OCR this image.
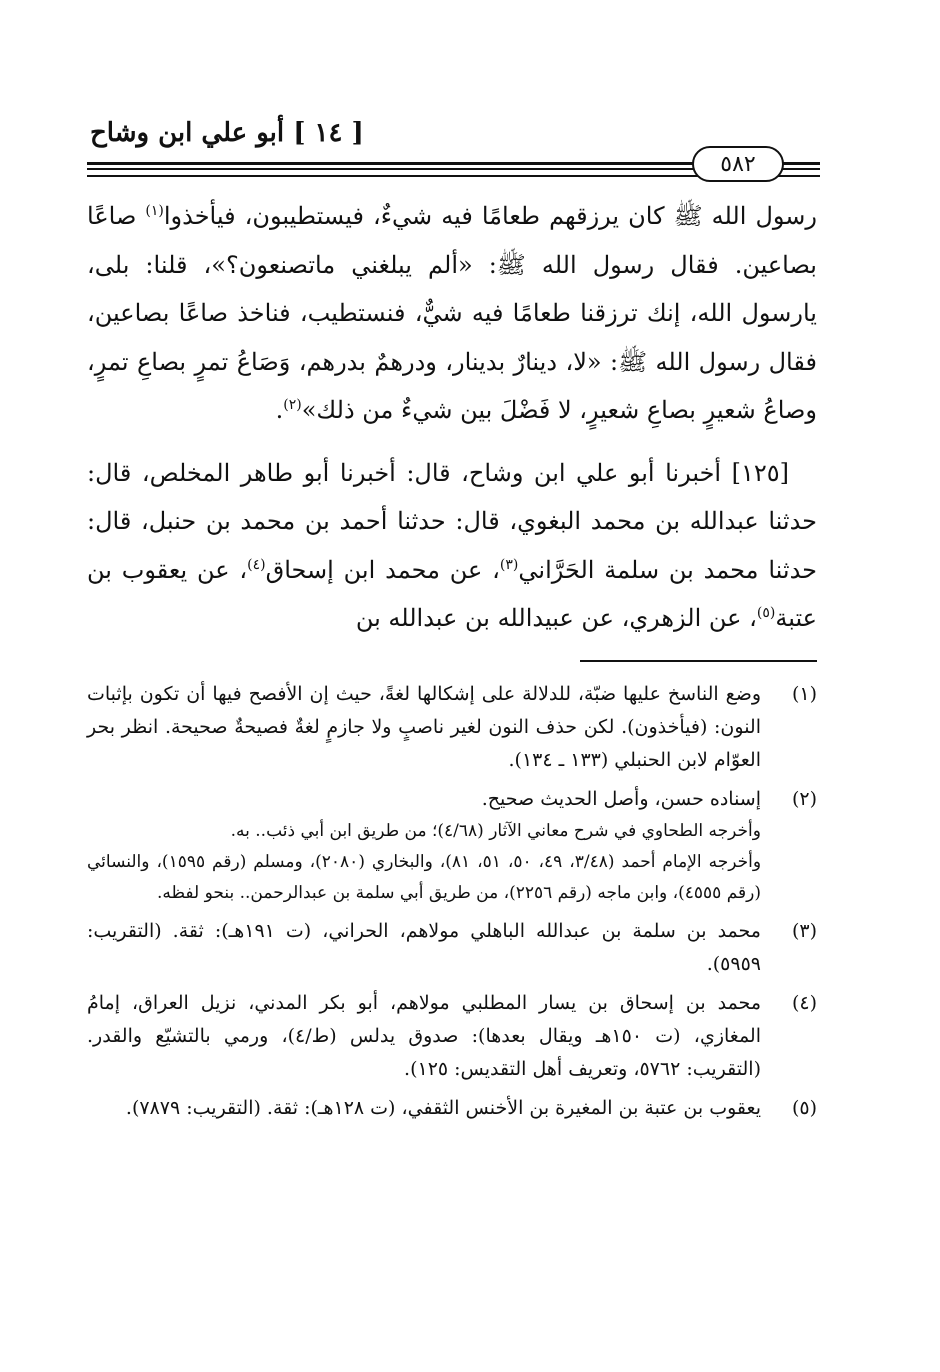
[ ١٤ ] أبو علي ابن وشاح
٥٨٢

رسول الله ﷺ كان يرزقهم طعامًا فيه شيءٌ، فيستطيبون، فيأخذوا$^{(١)}$ صاعًا بصاعين. فقال رسول الله ﷺ: «ألم يبلغني ماتصنعون؟»، قلنا: بلى، يارسول الله، إنك ترزقنا طعامًا فيه شيٌّ، فنستطيب، فناخذ صاعًا بصاعين، فقال رسول الله ﷺ: «لا، دينارٌ بدينار، ودرهمٌ بدرهم، وَصَاعُ تمرٍ بصاعِ تمرٍ، وصاعُ شعيرٍ بصاعِ شعيرٍ، لا فَضْلَ بين شيءٌ من ذلك»$^{(٢)}$.

[١٢٥] أخبرنا أبو علي ابن وشاح، قال: أخبرنا أبو طاهر المخلص، قال: حدثنا عبدالله بن محمد البغوي، قال: حدثنا أحمد بن محمد بن حنبل، قال: حدثنا محمد بن سلمة الحَرَّاني$^{(٣)}$، عن محمد ابن إسحاق$^{(٤)}$، عن يعقوب بن عتبة$^{(٥)}$، عن الزهري، عن عبيدالله بن عبدالله بن

(١)

وضع الناسخ عليها ضبّة، للدلالة على إشكالها لغةً، حيث إن الأفصح فيها أن تكون بإثبات النون: (فيأخذون). لكن حذف النون لغير ناصبٍ ولا جازمٍ لغةٌ فصيحةٌ صحيحة. انظر بحر العوّام لابن الحنبلي (١٣٣ ـ ١٣٤).

(٢)

إسناده حسن، وأصل الحديث صحيح.

وأخرجه الطحاوي في شرح معاني الآثار (٤/٦٨)؛ من طريق ابن أبي ذئب.. به.

وأخرجه الإمام أحمد (٣/٤٨، ٤٩، ٥٠، ٥١، ٨١)، والبخاري (٢٠٨٠)، ومسلم (رقم ١٥٩٥)، والنسائي (رقم ٤٥٥٥)، وابن ماجه (رقم ٢٢٥٦)، من طريق أبي سلمة بن عبدالرحمن.. بنحو لفظه.

(٣)

محمد بن سلمة بن عبدالله الباهلي مولاهم، الحراني، (ت ١٩١هـ): ثقة. (التقريب: ٥٩٥٩).

(٤)

محمد بن إسحاق بن يسار المطلبي مولاهم، أبو بكر المدني، نزيل العراق، إمامُ المغازي، (ت ١٥٠هـ ويقال بعدها): صدوق يدلس (ط/٤)، ورمي بالتشيّع والقدر. (التقريب: ٥٧٦٢، وتعريف أهل التقديس: ١٢٥).

(٥)

يعقوب بن عتبة بن المغيرة بن الأخنس الثقفي، (ت ١٢٨هـ): ثقة. (التقريب: ٧٨٧٩).
